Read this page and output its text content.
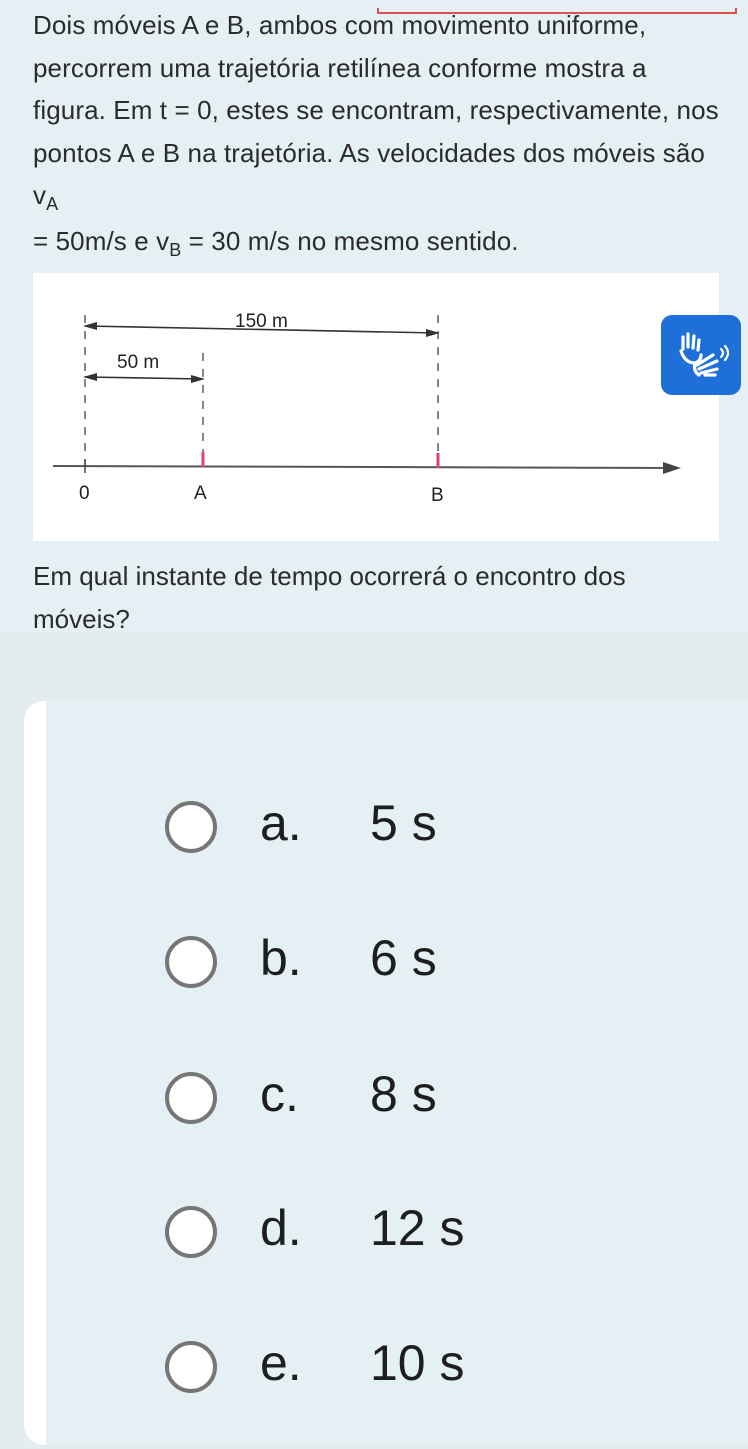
Dois móveis A e B, ambos com movimento uniforme, percorrem uma trajetória retilínea conforme mostra a figura. Em t = 0, estes se encontram, respectivamente, nos pontos A e B na trajetória. As velocidades dos móveis são $v_A$
= 50m/s e $v_B = 30$ m/s no mesmo sentido.

150 m
50 m
0	A	B

Em qual instante de tempo ocorrerá o encontro dos móveis?

a. 5 s
b. 6 s
c. 8 s
d. 12 s
e. 10 s
